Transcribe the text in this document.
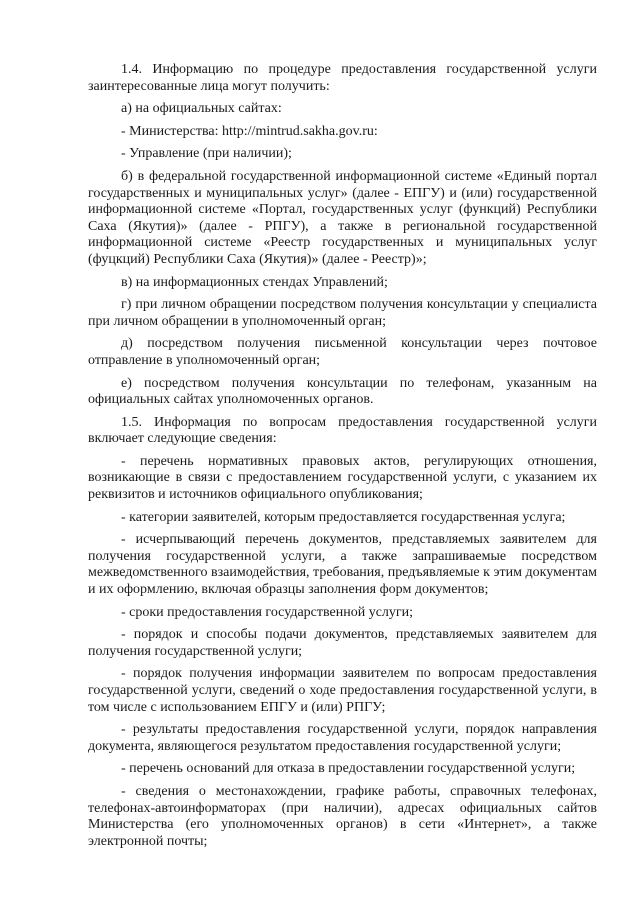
1.4. Информацию по процедуре предоставления государственной услуги заинтересованные лица могут получить:

а) на официальных сайтах:

- Министерства: http://mintrud.sakha.gov.ru:

- Управление (при наличии);

б) в федеральной государственной информационной системе «Единый портал государственных и муниципальных услуг» (далее - ЕПГУ) и (или) государственной информационной системе «Портал, государственных услуг (функций) Республики Саха (Якутия)» (далее - РПГУ), а также в региональной государственной информационной системе «Реестр государственных и муниципальных услуг (фуцкций) Республики Саха (Якутия)» (далее - Реестр)»;

в) на информационных стендах Управлений;

г) при личном обращении посредством получения консультации у специалиста при личном обращении в уполномоченный орган;

д) посредством получения письменной консультации через почтовое отправление в уполномоченный орган;

е) посредством получения консультации по телефонам, указанным на официальных сайтах уполномоченных органов.

1.5. Информация по вопросам предоставления государственной услуги включает следующие сведения:

- перечень нормативных правовых актов, регулирующих отношения, возникающие в связи с предоставлением государственной услуги, с указанием их реквизитов и источников официального опубликования;

- категории заявителей, которым предоставляется государственная услуга;

- исчерпывающий перечень документов, представляемых заявителем для получения государственной услуги, а также запрашиваемые посредством межведомственного взаимодействия, требования, предъявляемые к этим документам и их оформлению, включая образцы заполнения форм документов;

- сроки предоставления государственной услуги;

- порядок и способы подачи документов, представляемых заявителем для получения государственной услуги;

- порядок получения информации заявителем по вопросам предоставления государственной услуги, сведений о ходе предоставления государственной услуги, в том числе с использованием ЕПГУ и (или) РПГУ;

- результаты предоставления государственной услуги, порядок направления документа, являющегося результатом предоставления государственной услуги;

- перечень оснований для отказа в предоставлении государственной услуги;

- сведения о местонахождении, графике работы, справочных телефонах, телефонах-автоинформаторах (при наличии), адресах официальных сайтов Министерства (его уполномоченных органов) в сети «Интернет», а также электронной почты;
